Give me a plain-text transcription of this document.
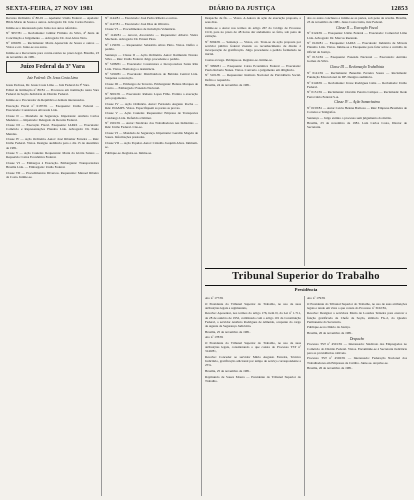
SEXTA-FEIRA, 27 NOV 1981	DIÁRIO DA JUSTIÇA	12853

Recurso Ordinário nº 80-01 — Apelante: União Federal — Apelado: Hilda Maria de Souza e outros. Advogado: Dr. João Carlos Pereira.

Intime-se o interessado pelo Juízo nos autos referidos.

Nº 3057/81 — Reclamante: Gilmar Firmino da Silva, 4ª Junta de Conciliação e Julgamento — Advogado: Dr. José Alves Neto.

Nº 1060/81 — Reclamante: Maria Aparecida de Souza e outros — Vistos e etc. Junte-se aos autos.

Intime-se a Recorrente para contra-razões no prazo legal. Brasília, 23 de novembro de 1981.

Juízo Federal da 3ª Vara
Juiz Federal: Dr. Jesus Costa Lima

Jesus Pedrosa, Dr. Jesus Costa Lima — Juiz Federal da 3ª Vara.

Edital de Intimação nº 80/81 — Processos em tramitação nesta Vara Federal da Seção Judiciária do Distrito Federal.

Intime-se o Procurador da República e demais interessados.

Execução Fiscal nº 0187/81 — Exequente: União Federal — Executado: Construtora Alvorada Ltda.

Classe II — Mandado de Segurança. Impetrante: Antônio Carlos Medeiros — Impetrado: Delegado da Receita Federal.

Classe III — Execução Fiscal. Exequente: IAPAS — Executado: Comércio e Representações Planalto Ltda. Advogado: Dr. Paulo Mendes.

Classe IV — Ação Ordinária. Autor: José Ribamar Ferreira — Réu: União Federal. Vistos. Designo audiência para o dia 15 de dezembro de 1981.

Classe V — Ação Cautelar. Requerente: Maria da Glória Santos — Requerido: Caixa Econômica Federal.

Classe VI — Embargos à Execução. Embargante: Transportadora Brasília Ltda. — Embargado: União Federal.

Classe VII — Procedimentos Diversos. Requerente: Manoel Ribeiro da Costa. Intime-se.

Nº 1144/81 — Executado: José Pedro Ribeiro e outros.

Nº 1147/81 — Executado: José Dias de Oliveira.

Classe VI — Procedimentos de Jurisdição Voluntária.

Nº 1149/81 — Avocat, Avocatória — Requerente: Alberto Vieira Machado. Advogado: Dr. Ernani Pires.

Nº 1150/81 — Requerente: Sebastião Alves Pinto. Vistos. Defiro o pedido.

Sentença — Classe II — Ação Ordinária. Autor: Raimundo Nonato Silva — Réu: União Federal. Julgo procedente o pedido.

Nº 5188/81 — Executado: Construtora e Incorporadora Santa Rita Ltda. Vistos. Homologo a desistência.

Nº 5190/81 — Executado: Distribuidora de Bebidas Central Ltda. Suspensa a execução.

Classe III — Embargos de Terceiro. Embargante: Helena Marques de Castro — Embargado: Fazenda Nacional.

Nº 3001/81 — Executado: Rubens Lopes Filho. Extinta a execução pelo pagamento.

Classe IV — Ação Ordinária. Autor: Fernando Augusto Rocha — Réu: INAMPS. Vistos. Especifiquem as partes as provas.

Classe V — Ação Cautelar. Requerente: Empresa de Transportes Candango Ltda. Deferida a liminar.

Nº 1901/81 — Autor: Sindicato dos Trabalhadores nas Indústrias — Réu: União Federal. Cite-se.

Classe VI — Mandado de Segurança. Impetrante: Geraldo Magela de Souza. Informações prestadas.

Classe VII — Ação Popular. Autor: Cidadão Joaquim Alves. Intimem-se.

Publique-se. Registre-se. Intime-se.

Despacho de fls. — Vistos. A Autora da ação de execução proposta, a seus dias.

Intime-se o Autor nos termos do artigo 267 do Código de Processo Civil, para no prazo de 48 horas dar andamento ao feito, sob pena de extinção.

Nº 3094/81 — Sentença — Vistos, etc. Trata-se de ação proposta por servidor público federal visando ao reconhecimento de direito à incorporação de gratificação. Julgo procedente o pedido formulado na inicial.

Custas ex lege. Publique-se. Registre-se. Intime-se.

Nº 3096/81 — Exequente: Caixa Econômica Federal — Executado: Paulo Roberto Nunes. Vistos. Converto o julgamento em diligência.

Nº 3101/81 — Requerente: Instituto Nacional de Previdência Social. Defiro o requerido.

Brasília, 24 de novembro de 1981.

dos os autos conclusos e intime-se as partes, sob pena de revelia. Brasília, 23 de novembro de 1981. Jesus Costa Lima, Juiz Federal.

Classe II — Execução Fiscal

Nº 0124/81 — Exequente: União Federal — Executado: Comercial Lima Ltda. Advogado: Dr. Marcos Rezende.

Nº 0126/81 — Exequente: IAPAS — Executado: Indústria de Móveis Planalto Ltda. Vistos. Intime-se a Exequente para falar sobre a certidão do Oficial de Justiça.

Nº 0131/81 — Exequente: Fazenda Nacional — Executado: Antônio Gomes da Silva.

Classe III — Reclamação Trabalhista

Nº 0141/81 — Reclamante: Benedito Ferreira Souza — Reclamada: Fundação Educacional do DF. Designo audiência.

Nº 0146/81 — Reclamante: Ivone Rodrigues Lima — Reclamada: União Federal.

Nº 0151/81 — Reclamante: Osvaldo Pereira Campos — Reclamada: Rede Ferroviária Federal S.A.

Classe IV — Ação Sumaríssima

Nº 0158/81 — Autor: Lúcia Helena Barbosa — Réu: Empresa Brasileira de Correios e Telégrafos.

Sentença — Julgo extinto o processo sem julgamento do mérito.

Brasília, 23 de novembro de 1981. Luiz Carlos Costa, Diretor de Secretaria.

Tribunal Superior do Trabalho
Presidência

Ato nº 177/81

O Presidente do Tribunal Superior do Trabalho, no uso de suas atribuições legais e regimentais,

Resolve: Aposentar, nos termos do artigo 176, item II, da Lei nº 1.711, de 28 de outubro de 1952, combinado com o artigo 101 da Constituição Federal, o servidor Antônio Rodrigues de Almeida, ocupante do cargo de Agente de Segurança Judiciária.

Brasília, 25 de novembro de 1981.

Ato nº 178/81

O Presidente do Tribunal Superior do Trabalho, no uso de suas atribuições legais, considerando o que consta do Processo TST nº 3140/81,

Resolve: Conceder ao servidor Mário Augusto Ferreira, Técnico Judiciário, gratificação adicional por tempo de serviço correspondente a 25%.

Brasília, 25 de novembro de 1981.

Raymundo de Souza Moura — Presidente do Tribunal Superior do Trabalho.

Ato nº 179/81

O Presidente do Tribunal Superior do Trabalho, no uso de suas atribuições legais e tendo em vista o que consta do Processo nº 3102/81,

Resolve: Designar a servidora Maria de Lourdes Teixeira para exercer a função gratificada de Chefe de Seção, símbolo FG-2, do Quadro Permanente da Secretaria.

Publique-se no Diário da Justiça.

Brasília, 26 de novembro de 1981.

Despacho

Processo TST nº 4501/81 — Interessado: Sindicato dos Empregados no Comércio do Distrito Federal. Vistos. Encaminhe-se à Secretaria Judiciária para as providências cabíveis.

Processo TST nº 4502/81 — Interessado: Federação Nacional dos Trabalhadores em Empresas de Crédito. Junte-se. Arquive-se.

Brasília, 26 de novembro de 1981.
